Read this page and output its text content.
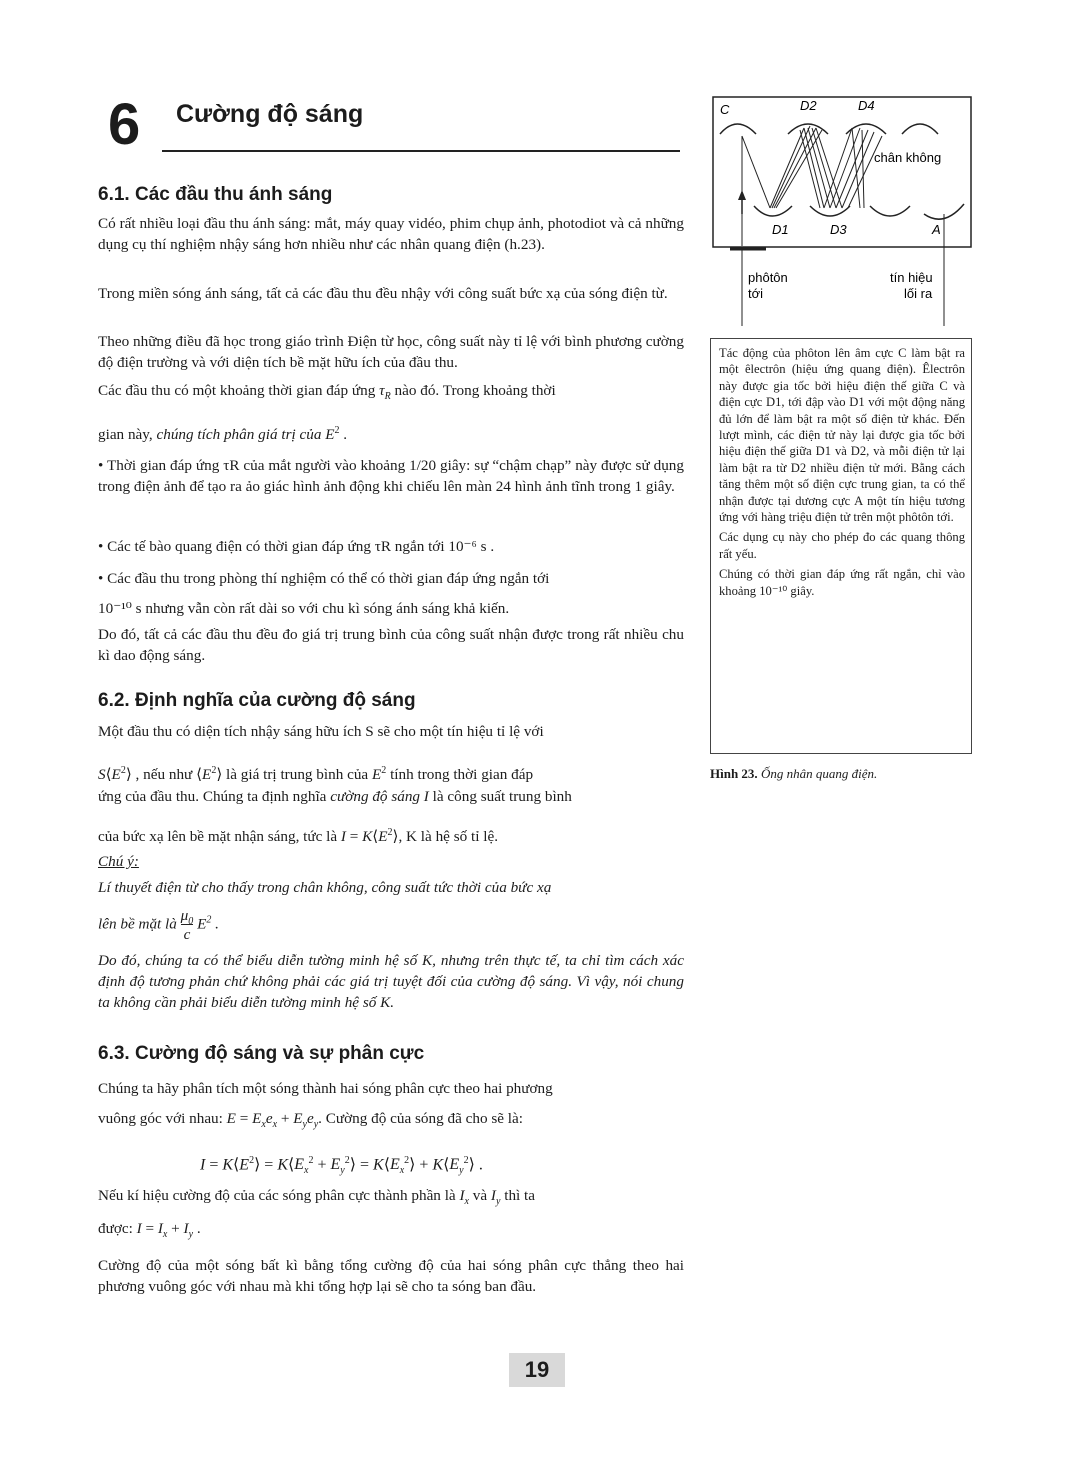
6 Cường độ sáng
6.1. Các đầu thu ánh sáng
Có rất nhiều loại đầu thu ánh sáng: mắt, máy quay vidéo, phim chụp ảnh, photodiot và cả những dụng cụ thí nghiệm nhậy sáng hơn nhiều như các nhân quang điện (h.23).
Trong miền sóng ánh sáng, tất cả các đầu thu đều nhậy với công suất bức xạ của sóng điện từ.
Theo những điều đã học trong giáo trình Điện từ học, công suất này tỉ lệ với bình phương cường độ điện trường và với diện tích bề mặt hữu ích của đầu thu.
Các đầu thu có một khoảng thời gian đáp ứng $\tau_R$ nào đó. Trong khoảng thời
gian này, chúng tích phân giá trị của $E^2$ .
• Thời gian đáp ứng τR của mắt người vào khoảng 1/20 giây: sự “chậm chạp” này được sử dụng trong điện ảnh để tạo ra ảo giác hình ảnh động khi chiếu lên màn 24 hình ảnh tĩnh trong 1 giây.
• Các tế bào quang điện có thời gian đáp ứng τR ngắn tới 10⁻⁶ s .
• Các đầu thu trong phòng thí nghiệm có thể có thời gian đáp ứng ngắn tới
10⁻¹⁰ s nhưng vẫn còn rất dài so với chu kì sóng ánh sáng khả kiến.
Do đó, tất cả các đầu thu đều đo giá trị trung bình của công suất nhận được trong rất nhiều chu kì dao động sáng.
6.2. Định nghĩa của cường độ sáng
Một đầu thu có diện tích nhậy sáng hữu ích S sẽ cho một tín hiệu tỉ lệ với
$S⟨E^2⟩$ , nếu như $⟨E^2⟩$ là giá trị trung bình của $E^2$ tính trong thời gian đáp
ứng của đầu thu. Chúng ta định nghĩa cường độ sáng I là công suất trung bình
của bức xạ lên bề mặt nhận sáng, tức là $I = K⟨E^2⟩$, K là hệ số tỉ lệ.
Chú ý:
Lí thuyết điện từ cho thấy trong chân không, công suất tức thời của bức xạ
lên bề mặt là $\mu_0$
c $E^2$ .
Do đó, chúng ta có thể biểu diễn tường minh hệ số K, nhưng trên thực tế, ta chỉ tìm cách xác định độ tương phản chứ không phải các giá trị tuyệt đối của cường độ sáng. Vì vậy, nói chung ta không cần phải biểu diễn tường minh hệ số K.
6.3. Cường độ sáng và sự phân cực
Chúng ta hãy phân tích một sóng thành hai sóng phân cực theo hai phương
vuông góc với nhau: $E = E_xe_x + E_ye_y$. Cường độ của sóng đã cho sẽ là:
$I = K⟨E^2⟩$ = $K⟨E_x^2$ + $E_y^2⟩$ = $K⟨E_x^2⟩$ + $K⟨E_y^2⟩$ .
Nếu kí hiệu cường độ của các sóng phân cực thành phần là $I_x$ và $I_y$ thì ta
được: $I = I_x + I_y$ .
Cường độ của một sóng bất kì bằng tổng cường độ của hai sóng phân cực thẳng theo hai phương vuông góc với nhau mà khi tổng hợp lại sẽ cho ta sóng ban đầu.
C	D2	D4
D1	D3	A
chân không
phôtôn
tới
tín hiệu
lối ra

Tác động của phôton lên âm cực C làm bật ra một êlectrôn (hiệu ứng quang điện). Êlectrôn này được gia tốc bởi hiệu điện thế giữa C và điện cực D1, tới đập vào D1 với một động năng đủ lớn để làm bật ra một số điện tử khác. Đến lượt mình, các điện tử này lại được gia tốc bởi hiệu điện thế giữa D1 và D2, và mỗi điện tử lại làm bật ra từ D2 nhiều điện tử mới. Bằng cách tăng thêm một số điện cực trung gian, ta có thể nhận được tại dương cực A một tín hiệu tương ứng với hàng triệu điện tử trên một phôtôn tới.

Các dụng cụ này cho phép đo các quang thông rất yếu.

Chúng có thời gian đáp ứng rất ngắn, chỉ vào khoảng 10⁻¹⁰ giây.

Hình 23. Ống nhân quang điện.
19
